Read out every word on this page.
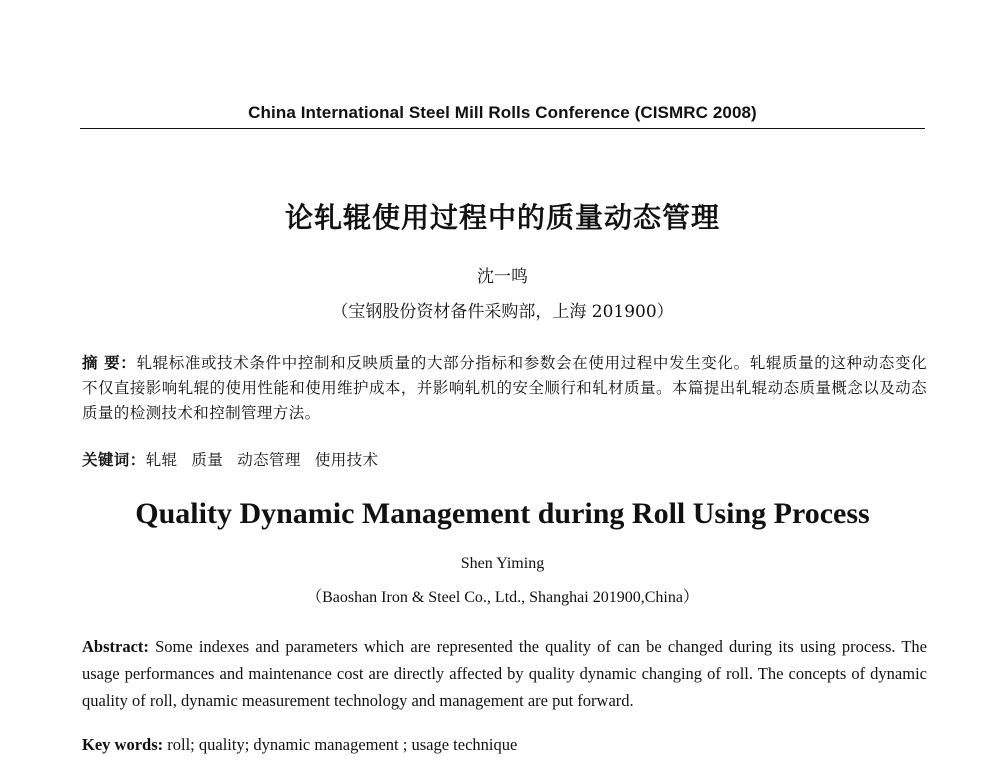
China International Steel Mill Rolls Conference (CISMRC 2008)
论轧辊使用过程中的质量动态管理
沈一鸣
（宝钢股份资材备件采购部，上海 201900）
摘 要：轧辊标准或技术条件中控制和反映质量的大部分指标和参数会在使用过程中发生变化。轧辊质量的这种动态变化不仅直接影响轧辊的使用性能和使用维护成本，并影响轧机的安全顺行和轧材质量。本篇提出轧辊动态质量概念以及动态质量的检测技术和控制管理方法。
关键词：轧辊 质量 动态管理 使用技术
Quality Dynamic Management during Roll Using Process
Shen Yiming
（Baoshan Iron & Steel Co., Ltd., Shanghai 201900,China）
Abstract: Some indexes and parameters which are represented the quality of can be changed during its using process. The usage performances and maintenance cost are directly affected by quality dynamic changing of roll. The concepts of dynamic quality of roll, dynamic measurement technology and management are put forward.
Key words: roll; quality; dynamic management ; usage technique
